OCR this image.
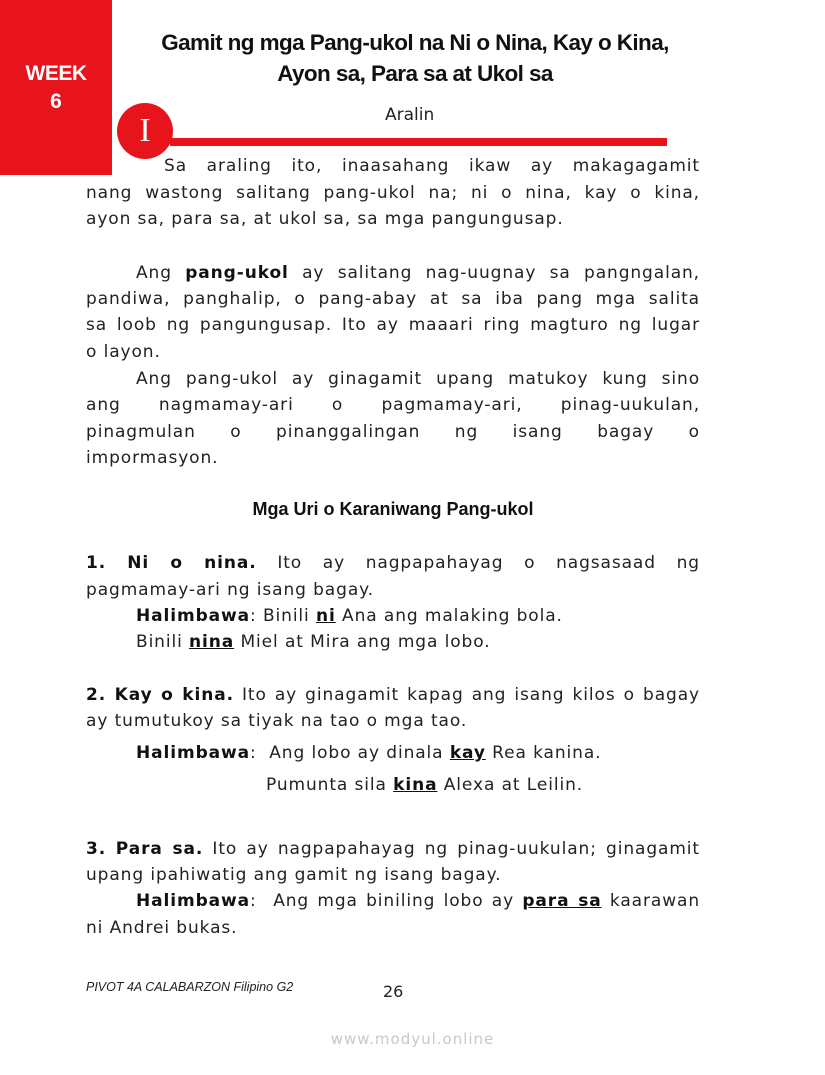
WEEK
6
Gamit ng mga Pang-ukol na Ni o Nina, Kay o Kina,
Ayon sa, Para sa at Ukol sa
I	Aralin
Sa araling ito, inaasahang ikaw ay makagagamit
nang wastong salitang pang-ukol na; ni o nina, kay o kina,
ayon sa, para sa, at ukol sa, sa mga pangungusap.
Ang pang-ukol ay salitang nag-uugnay sa pangngalan,
pandiwa, panghalip, o pang-abay at sa iba pang mga salita
sa loob ng pangungusap. Ito ay maaari ring magturo ng lugar
o layon.
Ang pang-ukol ay ginagamit upang matukoy kung sino
ang nagmamay-ari o pagmamay-ari, pinag-uukulan,
pinagmulan o pinanggalingan ng isang bagay o
impormasyon.
Mga Uri o Karaniwang Pang-ukol
1. Ni o nina. Ito ay nagpapahayag o nagsasaad ng
pagmamay-ari ng isang bagay.
Halimbawa: Binili ni Ana ang malaking bola.
Binili nina Miel at Mira ang mga lobo.
2. Kay o kina. Ito ay ginagamit kapag ang isang kilos o bagay
ay tumutukoy sa tiyak na tao o mga tao.
Halimbawa: Ang lobo ay dinala kay Rea kanina.
Pumunta sila kina Alexa at Leilin.
3. Para sa. Ito ay nagpapahayag ng pinag-uukulan; ginagamit
upang ipahiwatig ang gamit ng isang bagay.
Halimbawa: Ang mga biniling lobo ay para sa kaarawan
ni Andrei bukas.
PIVOT 4A CALABARZON Filipino G2	26
www.modyul.online
